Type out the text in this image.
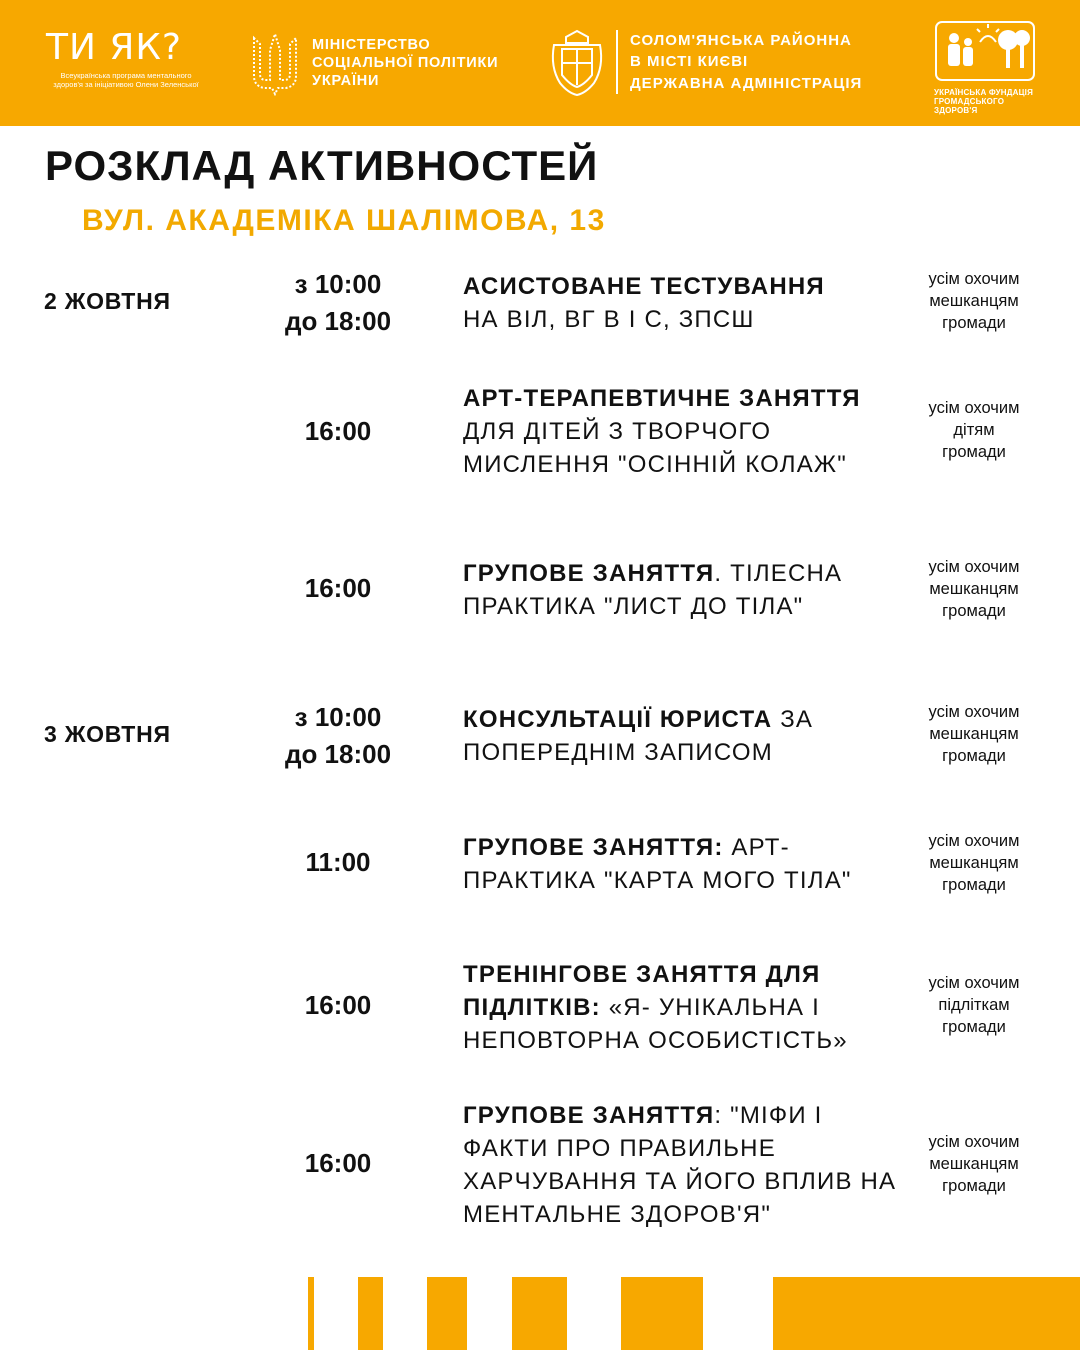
ТИ ЯК?
Всеукраїнська програма ментального здоров'я за ініціативою Олени Зеленської
МІНІСТЕРСТВО
СОЦІАЛЬНОЇ ПОЛІТИКИ
УКРАЇНИ
СОЛОМ'ЯНСЬКА РАЙОННА
В МІСТІ КИЄВІ
ДЕРЖАВНА АДМІНІСТРАЦІЯ
УКРАЇНСЬКА ФУНДАЦІЯ
ГРОМАДСЬКОГО ЗДОРОВ'Я
РОЗКЛАД АКТИВНОСТЕЙ
ВУЛ. АКАДЕМІКА ШАЛІМОВА, 13
2 ЖОВТНЯ
з 10:00
до 18:00
АСИСТОВАНЕ ТЕСТУВАННЯ
НА ВІЛ, ВГ В І С, ЗПСШ
усім охочим
мешканцям
громади
16:00
АРТ-ТЕРАПЕВТИЧНЕ ЗАНЯТТЯ
ДЛЯ ДІТЕЙ З ТВОРЧОГО МИСЛЕННЯ "ОСІННІЙ КОЛАЖ"
усім охочим
дітям
громади
16:00	ГРУПОВЕ ЗАНЯТТЯ. ТІЛЕСНА ПРАКТИКА "ЛИСТ ДО ТІЛА"
усім охочим
мешканцям
громади
3 ЖОВТНЯ
з 10:00
до 18:00
КОНСУЛЬТАЦІЇ ЮРИСТА ЗА ПОПЕРЕДНІМ ЗАПИСОМ
усім охочим
мешканцям
громади
11:00	ГРУПОВЕ ЗАНЯТТЯ: АРТ-ПРАКТИКА "КАРТА МОГО ТІЛА"
усім охочим
мешканцям
громади
16:00
ТРЕНІНГОВЕ ЗАНЯТТЯ ДЛЯ ПІДЛІТКІВ: «Я- УНІКАЛЬНА І НЕПОВТОРНА ОСОБИСТІСТЬ»
усім охочим
підліткам
громади
16:00
ГРУПОВЕ ЗАНЯТТЯ: "МІФИ І ФАКТИ ПРО ПРАВИЛЬНЕ ХАРЧУВАННЯ ТА ЙОГО ВПЛИВ НА МЕНТАЛЬНЕ ЗДОРОВ'Я"
усім охочим
мешканцям
громади
